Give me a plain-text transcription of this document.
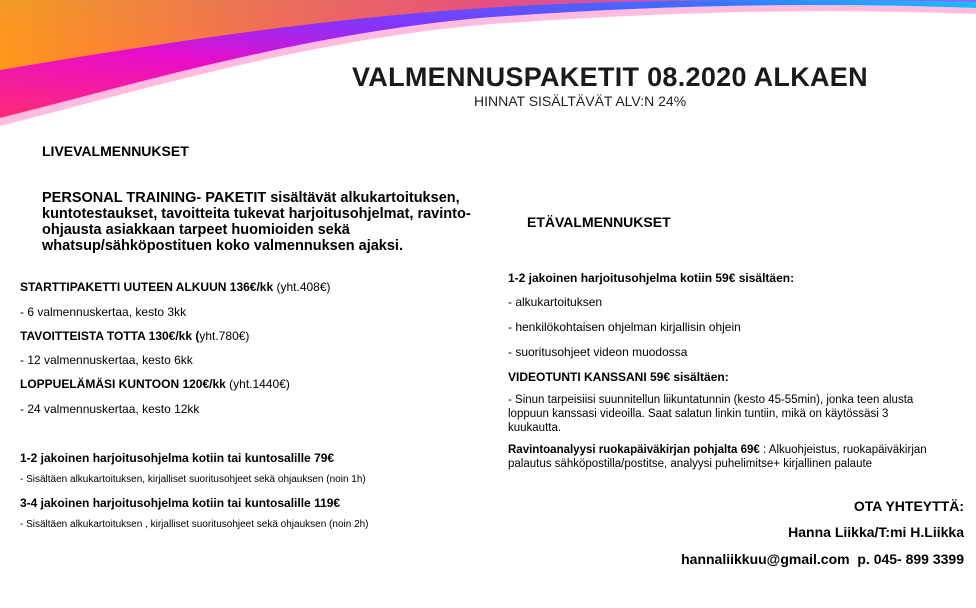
VALMENNUSPAKETIT 08.2020 ALKAEN
HINNAT SISÄLTÄVÄT ALV:N 24%
LIVEVALMENNUKSET
PERSONAL TRAINING- PAKETIT sisältävät alkukartoituksen, kuntotestaukset, tavoitteita tukevat harjoitusohjelmat, ravinto-ohjausta asiakkaan tarpeet huomioiden sekä whatsup/sähköpostituen koko valmennuksen ajaksi.
STARTTIPAKETTI UUTEEN ALKUUN 136€/kk (yht.408€)
- 6 valmennuskertaa, kesto 3kk
TAVOITTEISTA TOTTA 130€/kk (yht.780€)
- 12 valmennuskertaa, kesto 6kk
LOPPUELÄMÄSI KUNTOON 120€/kk (yht.1440€)
- 24 valmennuskertaa, kesto 12kk
1-2 jakoinen harjoitusohjelma kotiin tai kuntosalille 79€
- Sisältäen alkukartoituksen, kirjalliset suoritusohjeet sekä ohjauksen (noin 1h)
3-4 jakoinen harjoitusohjelma kotiin tai kuntosalille 119€
- Sisältäen alkukartoituksen , kirjalliset suoritusohjeet sekä ohjauksen (noin 2h)
ETÄVALMENNUKSET
1-2 jakoinen harjoitusohjelma kotiin 59€ sisältäen:
- alkukartoituksen
- henkilökohtaisen ohjelman kirjallisin ohjein
- suoritusohjeet videon muodossa
VIDEOTUNTI KANSSANI 59€ sisältäen:
- Sinun tarpeisiisi suunnitellun liikuntatunnin (kesto 45-55min), jonka teen alusta loppuun kanssasi videoilla. Saat salatun linkin tuntiin, mikä on käytössäsi 3 kuukautta.
Ravintoanalyysi ruokapäiväkirjan pohjalta 69€ : Alkuohjeistus, ruokapäiväkirjan palautus sähköpostilla/postitse, analyysi puhelimitse+ kirjallinen palaute
OTA YHTEYTTÄ:
Hanna Liikka/T:mi H.Liikka
hannaliikkuu@gmail.com p. 045- 899 3399
